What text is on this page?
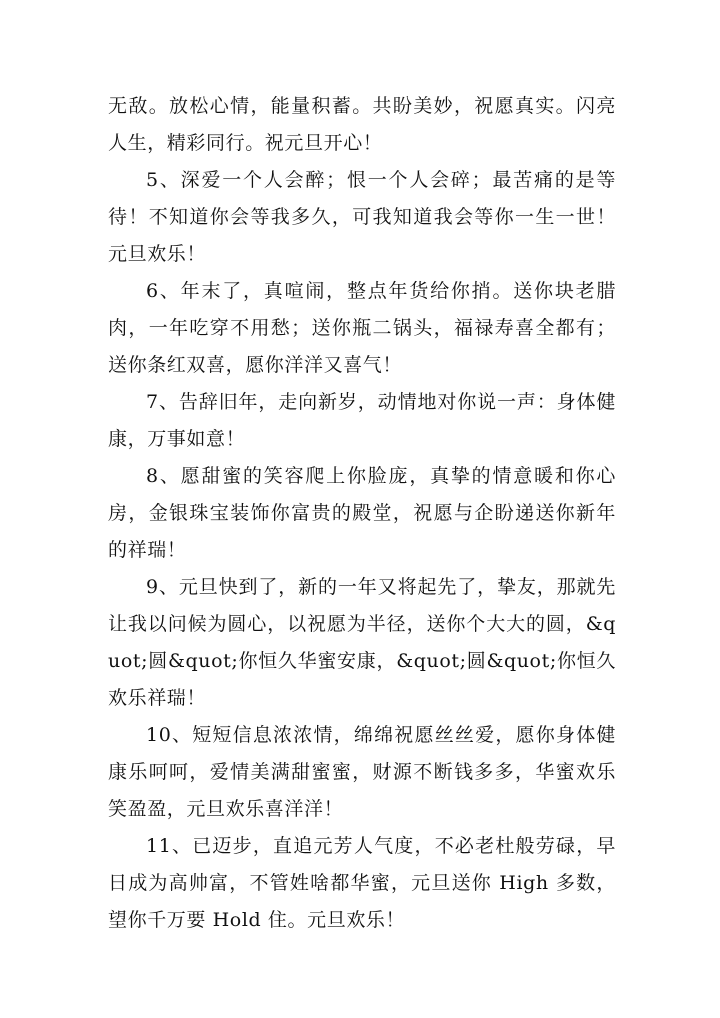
无敌。放松心情，能量积蓄。共盼美妙，祝愿真实。闪亮人生，精彩同行。祝元旦开心！

5、深爱一个人会醉；恨一个人会碎；最苦痛的是等待！不知道你会等我多久，可我知道我会等你一生一世！元旦欢乐！

6、年末了，真喧闹，整点年货给你捎。送你块老腊肉，一年吃穿不用愁；送你瓶二锅头，福禄寿喜全都有；送你条红双喜，愿你洋洋又喜气！

7、告辞旧年，走向新岁，动情地对你说一声：身体健康，万事如意！

8、愿甜蜜的笑容爬上你脸庞，真挚的情意暖和你心房，金银珠宝装饰你富贵的殿堂，祝愿与企盼递送你新年的祥瑞！

9、元旦快到了，新的一年又将起先了，挚友，那就先让我以问候为圆心，以祝愿为半径，送你个大大的圆，&quot;圆&quot;你恒久华蜜安康，&quot;圆&quot;你恒久欢乐祥瑞！

10、短短信息浓浓情，绵绵祝愿丝丝爱，愿你身体健康乐呵呵，爱情美满甜蜜蜜，财源不断钱多多，华蜜欢乐笑盈盈，元旦欢乐喜洋洋！

11、已迈步，直追元芳人气度，不必老杜般劳碌，早日成为高帅富，不管姓啥都华蜜，元旦送你 High 多数，望你千万要 Hold 住。元旦欢乐！
